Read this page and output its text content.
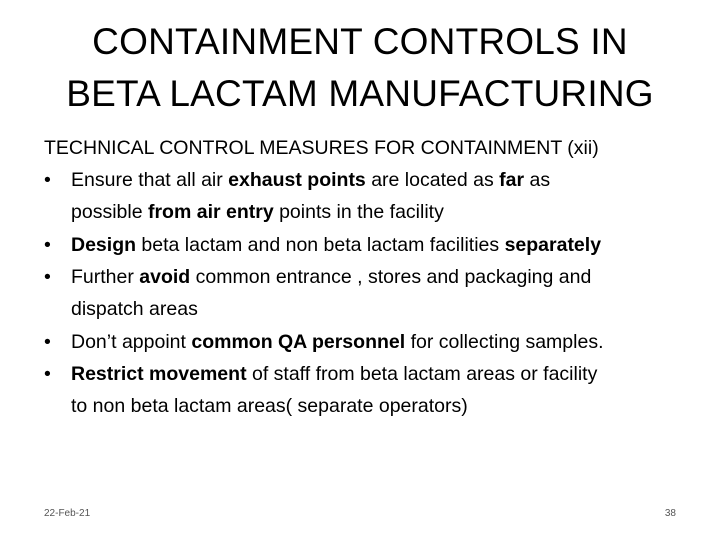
CONTAINMENT CONTROLS IN
BETA LACTAM MANUFACTURING
TECHNICAL CONTROL MEASURES FOR CONTAINMENT (xii)
• Ensure that all air exhaust points are located as far as
possible from air entry points in the facility
• Design beta lactam and non beta lactam facilities separately
• Further avoid common entrance , stores and packaging and
dispatch areas
• Don’t appoint common QA personnel for collecting samples.
• Restrict movement of staff from beta lactam areas or facility
to non beta lactam areas( separate operators)
22-Feb-21	38
